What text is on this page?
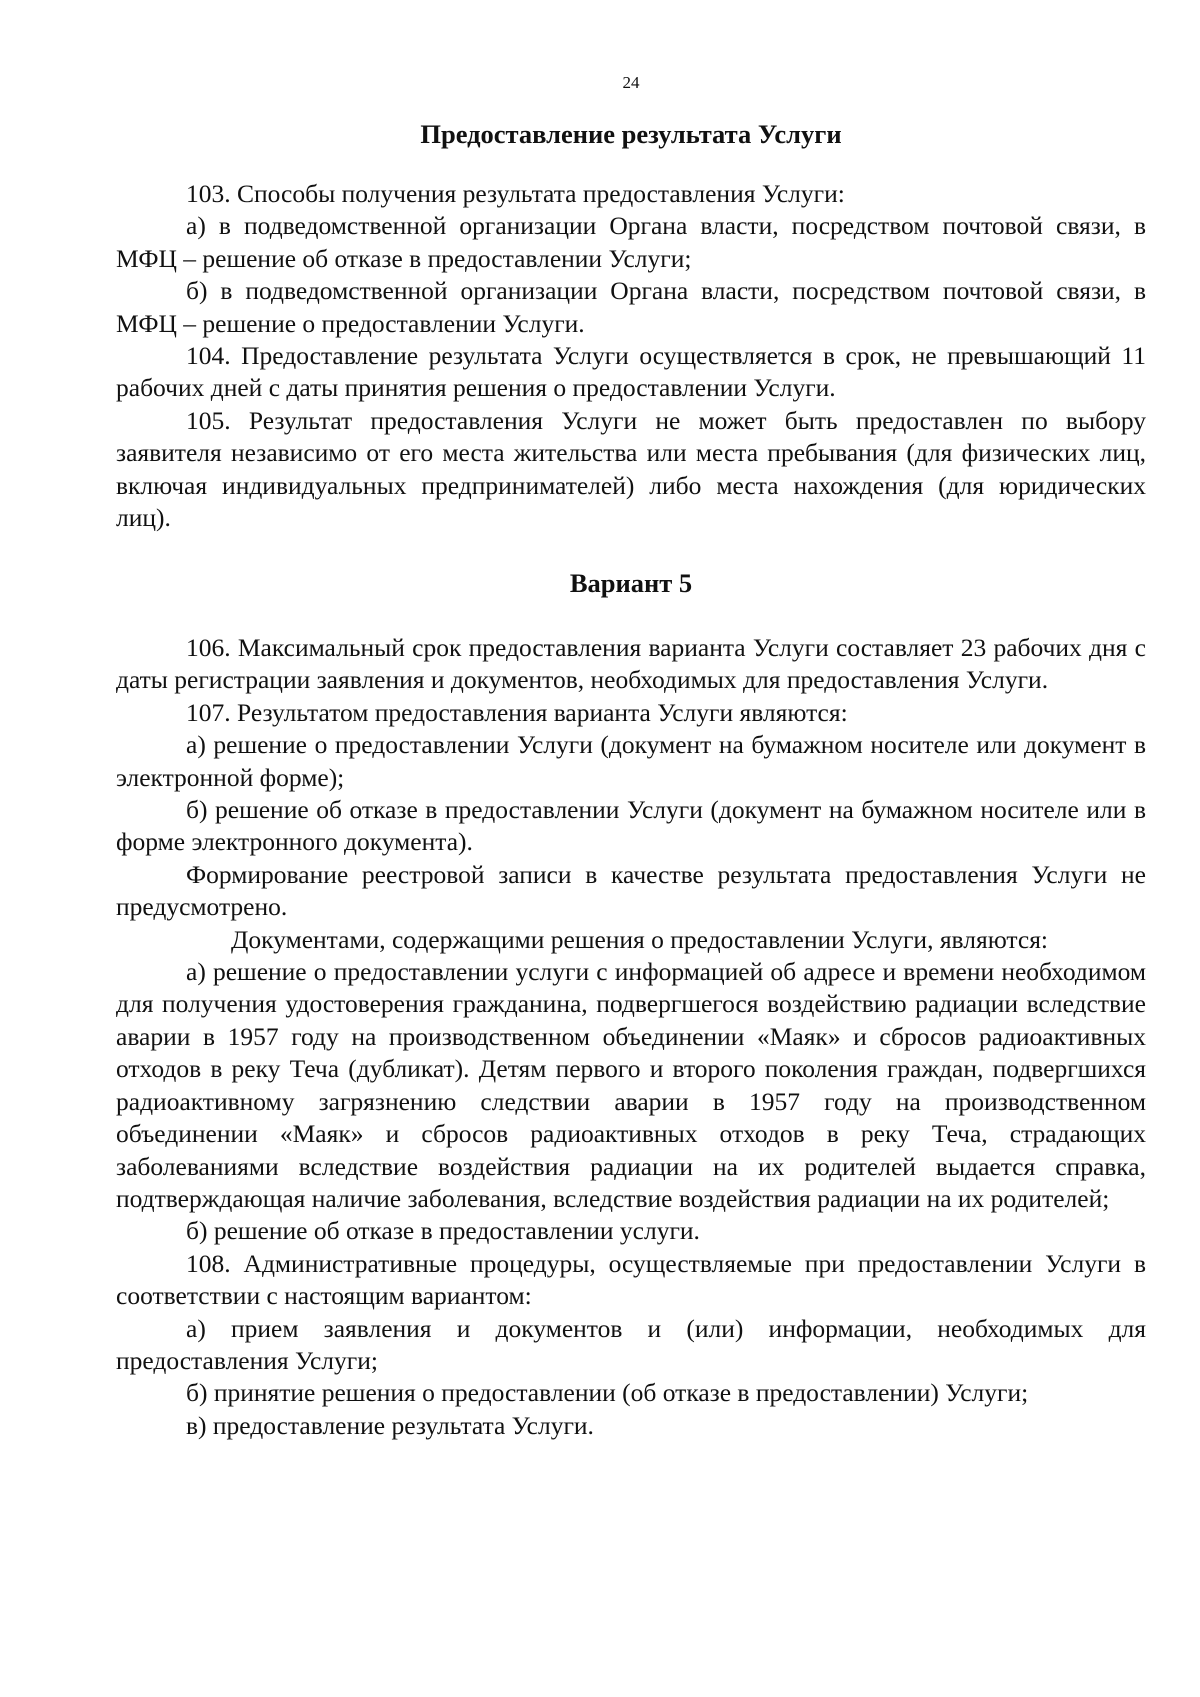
24
Предоставление результата Услуги

103. Способы получения результата предоставления Услуги:

а) в подведомственной организации Органа власти, посредством почтовой связи, в МФЦ – решение об отказе в предоставлении Услуги;

б) в подведомственной организации Органа власти, посредством почтовой связи, в МФЦ – решение о предоставлении Услуги.

104. Предоставление результата Услуги осуществляется в срок, не превышающий 11 рабочих дней с даты принятия решения о предоставлении Услуги.

105. Результат предоставления Услуги не может быть предоставлен по выбору заявителя независимо от его места жительства или места пребывания (для физических лиц, включая индивидуальных предпринимателей) либо места нахождения (для юридических лиц).

Вариант 5

106. Максимальный срок предоставления варианта Услуги составляет 23 рабочих дня с даты регистрации заявления и документов, необходимых для предоставления Услуги.

107. Результатом предоставления варианта Услуги являются:

а) решение о предоставлении Услуги (документ на бумажном носителе или документ в электронной форме);

б) решение об отказе в предоставлении Услуги (документ на бумажном носителе или в форме электронного документа).

Формирование реестровой записи в качестве результата предоставления Услуги не предусмотрено.

Документами, содержащими решения о предоставлении Услуги, являются:

а) решение о предоставлении услуги с информацией об адресе и времени необходимом для получения удостоверения гражданина, подвергшегося воздействию радиации вследствие аварии в 1957 году на производственном объединении «Маяк» и сбросов радиоактивных отходов в реку Теча (дубликат). Детям первого и второго поколения граждан, подвергшихся радиоактивному загрязнению следствии аварии в 1957 году на производственном объединении «Маяк» и сбросов радиоактивных отходов в реку Теча, страдающих заболеваниями вследствие воздействия радиации на их родителей выдается справка, подтверждающая наличие заболевания, вследствие воздействия радиации на их родителей;

б) решение об отказе в предоставлении услуги.

108. Административные процедуры, осуществляемые при предоставлении Услуги в соответствии с настоящим вариантом:

а) прием заявления и документов и (или) информации, необходимых для предоставления Услуги;

б) принятие решения о предоставлении (об отказе в предоставлении) Услуги;

в) предоставление результата Услуги.
